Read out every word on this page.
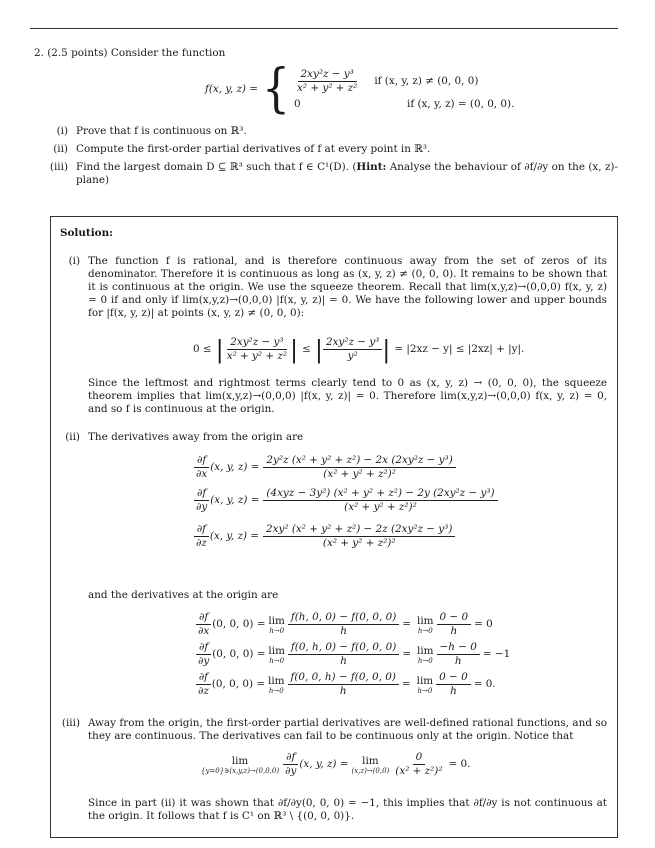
2. (2.5 points) Consider the function
f(x, y, z) = { $\frac{\text{2xy²z − y³}}{\text{x² + y² + z²}}$ if (x, y, z) ≠ (0, 0, 0)
0	if (x, y, z) = (0, 0, 0).
(i) Prove that f is continuous on ℝ³.
(ii) Compute the first-order partial derivatives of f at every point in ℝ³.
(iii) Find the largest domain D ⊆ ℝ³ such that f ∈ C¹(D). (Hint: Analyse the behaviour of ∂f/∂y on the (x, z)-plane)
Solution:
(i) The function f is rational, and is therefore continuous away from the set of zeros of its denominator. Therefore it is continuous as long as (x, y, z) ≠ (0, 0, 0). It remains to be shown that it is continuous at the origin. We use the squeeze theorem. Recall that lim(x,y,z)→(0,0,0) f(x, y, z) = 0 if and only if lim(x,y,z)→(0,0,0) |f(x, y, z)| = 0. We have the following lower and upper bounds for |f(x, y, z)| at points (x, y, z) ≠ (0, 0, 0):
0 ≤ | $\frac{\text{2xy²z − y³}}{\text{x² + y² + z²}}$ | ≤ | $\frac{\text{2xy²z − y³}}{\text{y²}}$ | = |2xz − y| ≤ |2xz| + |y|.
Since the leftmost and rightmost terms clearly tend to 0 as (x, y, z) → (0, 0, 0), the squeeze theorem implies that lim(x,y,z)→(0,0,0) |f(x, y, z)| = 0. Therefore lim(x,y,z)→(0,0,0) f(x, y, z) = 0, and so f is continuous at the origin.
(ii) The derivatives away from the origin are
$\frac{\partial f}{\partial x} (x$, y, $z) = \frac{\text{2y²z (x² + y² + z²) − 2x (2xy²z − y³)}}{\text{(x² + y² + z²)²}}$
$\frac{\partial f}{\partial y} (x$, y, $z) = \frac{\text{(4xyz − 3y²) (x² + y² + z²) − 2y (2xy²z − y³)}}{\text{(x² + y² + z²)²}}$
$\frac{\partial f}{\partial z} (x$, y, $z) = \frac{\text{2xy² (x² + y² + z²) − 2z (2xy²z − y³)}}{\text{(x² + y² + z²)²}}$
and the derivatives at the origin are
$\frac{\partial f}{\partial x} (0$, 0, 0) = lim
$h\to 0 \frac{f(h, 0, 0) - f(0, 0, 0)}{h} = \lim$
$h\to 0 \frac{0 - 0}{h} = 0$
$\frac{\partial f}{\partial y} (0$, 0, 0) = lim
$h\to 0 \frac{f(0, h, 0) - f(0, 0, 0)}{h} = \lim$
$h\to 0 \frac{-h - 0}{h} = -1$
$\frac{\partial f}{\partial z} (0$, 0, 0) = lim
$h\to 0 \frac{f(0, 0, h) - f(0, 0, 0)}{h} = \lim$
$h\to 0 \frac{0 - 0}{h} = 0$.
(iii) Away from the origin, the first-order partial derivatives are well-defined rational functions, and so they are continuous. The derivatives can fail to be continuous only at the origin. Notice that
lim
{y=0}∋(x,y,z)→(0,0,0) $\frac{\partial f}{\partial y} (x$, y, z) = lim
$(x,z)\to(0,0) \frac{0}{\text{(x² + z²)²}} = 0$.
Since in part (ii) it was shown that ∂f/∂y(0, 0, 0) = −1, this implies that ∂f/∂y is not continuous at the origin. It follows that f is C¹ on ℝ³ \ {(0, 0, 0)}.
